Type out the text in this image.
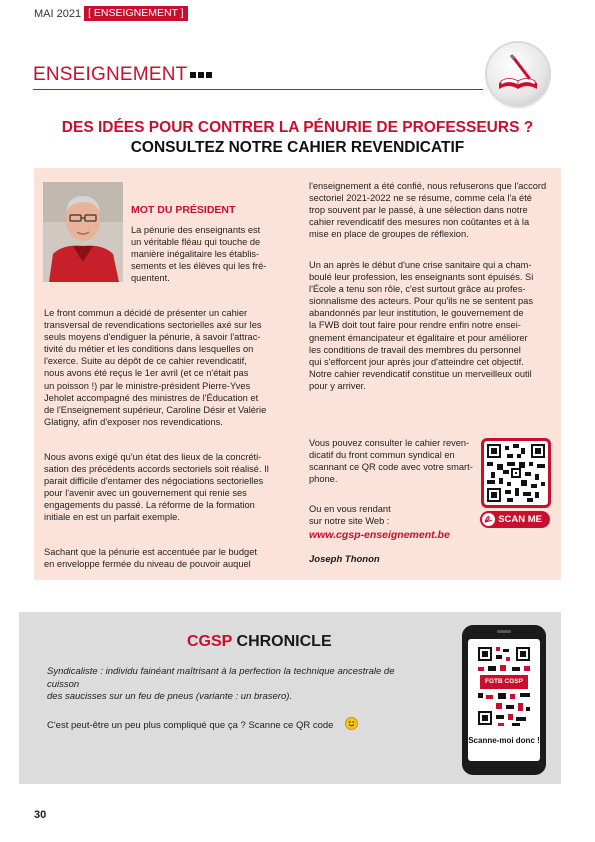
MAI 2021 [ ENSEIGNEMENT ]
ENSEIGNEMENT
DES IDÉES POUR CONTRER LA PÉNURIE DE PROFESSEURS ?
CONSULTEZ NOTRE CAHIER REVENDICATIF
MOT DU PRÉSIDENT
La pénurie des enseignants est
un véritable fléau qui touche de
manière inégalitaire les établis-
sements et les élèves qui les fré-
quentent.
Le front commun a décidé de présenter un cahier
transversal de revendications sectorielles axé sur les
seuls moyens d'endiguer la pénurie, à savoir l'attrac-
tivité du métier et les conditions dans lesquelles on
l'exerce. Suite au dépôt de ce cahier revendicatif,
nous avons été reçus le 1er avril (et ce n'était pas
un poisson !) par le ministre-président Pierre-Yves
Jeholet accompagné des ministres de l'Éducation et
de l'Enseignement supérieur, Caroline Désir et Valérie
Glatigny, afin d'exposer nos revendications.
Nous avons exigé qu'un état des lieux de la concréti-
sation des précédents accords sectoriels soit réalisé. Il
parait difficile d'entamer des négociations sectorielles
pour l'avenir avec un gouvernement qui renie ses
engagements du passé. La réforme de la formation
initiale en est un parfait exemple.
Sachant que la pénurie est accentuée par le budget
en enveloppe fermée du niveau de pouvoir auquel
l'enseignement a été confié, nous refuserons que l'accord
sectoriel 2021-2022 ne se résume, comme cela l'a été
trop souvent par le passé, à une sélection dans notre
cahier revendicatif des mesures non coûtantes et à la
mise en place de groupes de réflexion.
Un an après le début d'une crise sanitaire qui a cham-
boulé leur profession, les enseignants sont épuisés. Si
l'École a tenu son rôle, c'est surtout grâce au profes-
sionnalisme des acteurs. Pour qu'ils ne se sentent pas
abandonnés par leur institution, le gouvernement de
la FWB doit tout faire pour rendre enfin notre ensei-
gnement émancipateur et égalitaire et pour améliorer
les conditions de travail des membres du personnel
qui s'efforcent jour après jour d'atteindre cet objectif.
Notre cahier revendicatif constitue un merveilleux outil
pour y arriver.
Vous pouvez consulter le cahier reven-
dicatif du front commun syndical en
scannant ce QR code avec votre smart-
phone.
Ou en vous rendant
sur notre site Web :
www.cgsp-enseignement.be
Joseph Thonon
SCAN ME
CGSP CHRONICLE
Syndicaliste : individu fainéant maîtrisant à la perfection la technique ancestrale de cuisson
des saucisses sur un feu de pneus (variante : un brasero).
C'est peut-être un peu plus compliqué que ça ? Scanne ce QR code
FGTB CGSP
Scanne-moi donc !
30
